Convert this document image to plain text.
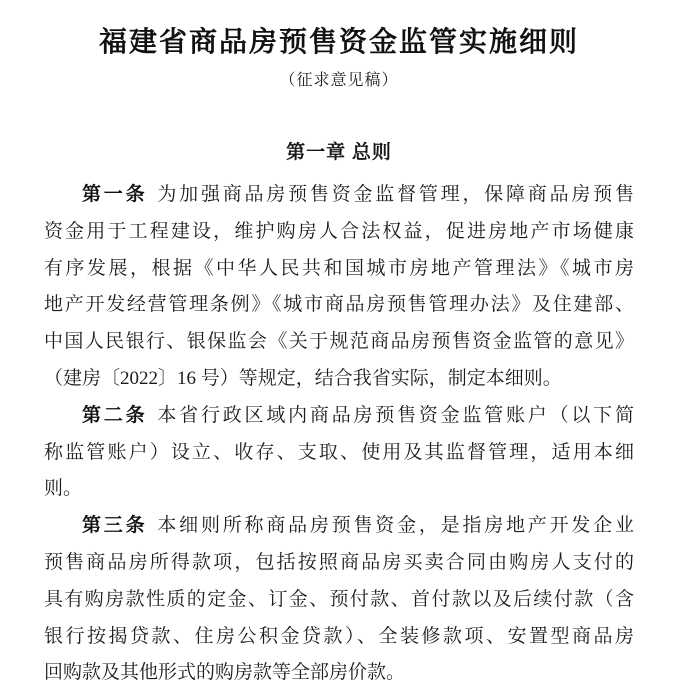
福建省商品房预售资金监管实施细则
（征求意见稿）
第一章 总则
第一条 为加强商品房预售资金监督管理，保障商品房预售
资金用于工程建设，维护购房人合法权益，促进房地产市场健康
有序发展，根据《中华人民共和国城市房地产管理法》《城市房
地产开发经营管理条例》《城市商品房预售管理办法》及住建部、
中国人民银行、银保监会《关于规范商品房预售资金监管的意见》
（建房〔2022〕16 号）等规定，结合我省实际，制定本细则。
第二条 本省行政区域内商品房预售资金监管账户（以下简
称监管账户）设立、收存、支取、使用及其监督管理，适用本细
则。
第三条 本细则所称商品房预售资金，是指房地产开发企业
预售商品房所得款项，包括按照商品房买卖合同由购房人支付的
具有购房款性质的定金、订金、预付款、首付款以及后续付款（含
银行按揭贷款、住房公积金贷款）、全装修款项、安置型商品房
回购款及其他形式的购房款等全部房价款。
